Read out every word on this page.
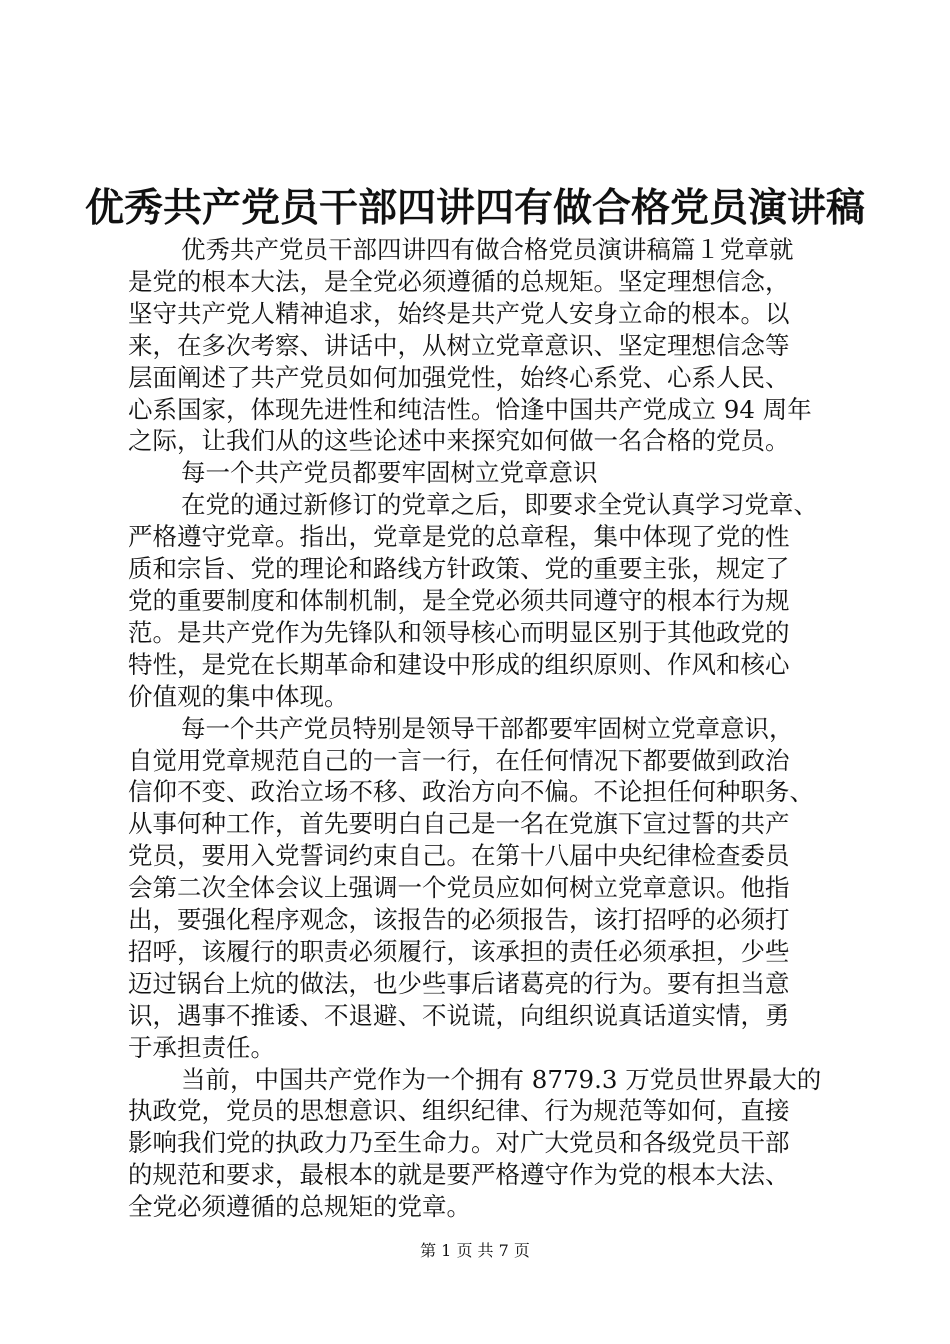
优秀共产党员干部四讲四有做合格党员演讲稿
优秀共产党员干部四讲四有做合格党员演讲稿篇１党章就
是党的根本大法，是全党必须遵循的总规矩。坚定理想信念，
坚守共产党人精神追求，始终是共产党人安身立命的根本。以
来，在多次考察、讲话中，从树立党章意识、坚定理想信念等
层面阐述了共产党员如何加强党性，始终心系党、心系人民、
心系国家，体现先进性和纯洁性。恰逢中国共产党成立 94 周年
之际，让我们从的这些论述中来探究如何做一名合格的党员。
每一个共产党员都要牢固树立党章意识
在党的通过新修订的党章之后，即要求全党认真学习党章、
严格遵守党章。指出，党章是党的总章程，集中体现了党的性
质和宗旨、党的理论和路线方针政策、党的重要主张，规定了
党的重要制度和体制机制，是全党必须共同遵守的根本行为规
范。是共产党作为先锋队和领导核心而明显区别于其他政党的
特性，是党在长期革命和建设中形成的组织原则、作风和核心
价值观的集中体现。
每一个共产党员特别是领导干部都要牢固树立党章意识，
自觉用党章规范自己的一言一行，在任何情况下都要做到政治
信仰不变、政治立场不移、政治方向不偏。不论担任何种职务、
从事何种工作，首先要明白自己是一名在党旗下宣过誓的共产
党员，要用入党誓词约束自己。在第十八届中央纪律检查委员
会第二次全体会议上强调一个党员应如何树立党章意识。他指
出，要强化程序观念，该报告的必须报告，该打招呼的必须打
招呼，该履行的职责必须履行，该承担的责任必须承担，少些
迈过锅台上炕的做法，也少些事后诸葛亮的行为。要有担当意
识，遇事不推诿、不退避、不说谎，向组织说真话道实情，勇
于承担责任。
当前，中国共产党作为一个拥有 8779.3 万党员世界最大的
执政党，党员的思想意识、组织纪律、行为规范等如何，直接
影响我们党的执政力乃至生命力。对广大党员和各级党员干部
的规范和要求，最根本的就是要严格遵守作为党的根本大法、
全党必须遵循的总规矩的党章。
第 1 页 共 7 页
